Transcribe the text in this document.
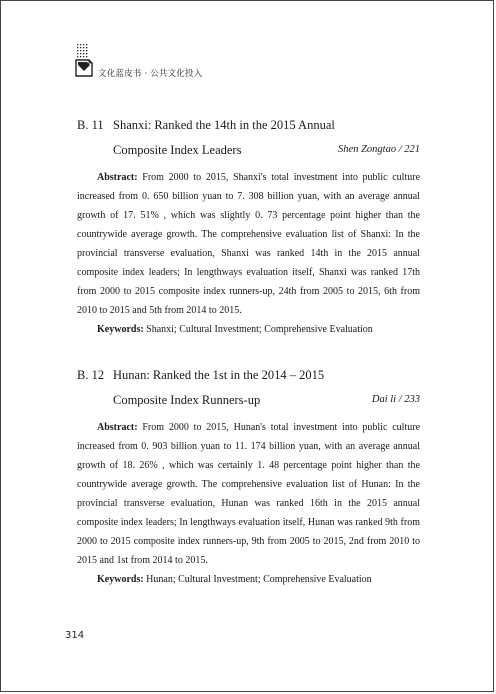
文化蓝皮书 · 公共文化投入
B. 11 Shanxi: Ranked the 14th in the 2015 Annual
Composite Index Leaders	Shen Zongtao / 221
Abstract: From 2000 to 2015, Shanxi's total investment into public culture increased from 0. 650 billion yuan to 7. 308 billion yuan, with an average annual growth of 17. 51% , which was slightly 0. 73 percentage point higher than the countrywide average growth. The comprehensive evaluation list of Shanxi: In the provincial transverse evaluation, Shanxi was ranked 14th in the 2015 annual composite index leaders; In lengthways evaluation itself, Shanxi was ranked 17th from 2000 to 2015 composite index runners-up, 24th from 2005 to 2015, 6th from 2010 to 2015 and 5th from 2014 to 2015.
Keywords: Shanxi; Cultural Investment; Comprehensive Evaluation
B. 12 Hunan: Ranked the 1st in the 2014 – 2015
Composite Index Runners-up	Dai li / 233
Abstract: From 2000 to 2015, Hunan's total investment into public culture increased from 0. 903 billion yuan to 11. 174 billion yuan, with an average annual growth of 18. 26% , which was certainly 1. 48 percentage point higher than the countrywide average growth. The comprehensive evaluation list of Hunan: In the provincial transverse evaluation, Hunan was ranked 16th in the 2015 annual composite index leaders; In lengthways evaluation itself, Hunan was ranked 9th from 2000 to 2015 composite index runners-up, 9th from 2005 to 2015, 2nd from 2010 to 2015 and 1st from 2014 to 2015.
Keywords: Hunan; Cultural Investment; Comprehensive Evaluation
314
